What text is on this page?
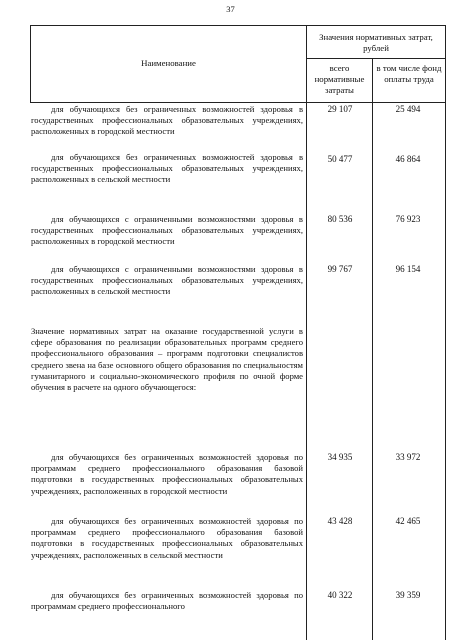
37
Наименование
Значения нормативных затрат, рублей
всего нормативные затраты
в том числе фонд оплаты труда
для обучающихся без ограниченных возможностей здоровья в государственных профессиональных образовательных учреждениях, расположенных в городской местности
29 107	25 494
для обучающихся без ограниченных возможностей здоровья в государственных профессиональных образовательных учреждениях, расположенных в сельской местности
50 477	46 864
для обучающихся с ограниченными возможностями здоровья в государственных профессиональных образовательных учреждениях, расположенных в городской местности
80 536	76 923
для обучающихся с ограниченными возможностями здоровья в государственных профессиональных образовательных учреждениях, расположенных в сельской местности
99 767	96 154
Значение нормативных затрат на оказание государственной услуги в сфере образования по реализации образовательных программ среднего профессионального образования – программ подготовки специалистов среднего звена на базе основного общего образования по специальностям гуманитарного и социально-экономического профиля по очной форме обучения в расчете на одного обучающегося:
для обучающихся без ограниченных возможностей здоровья по программам среднего профессионального образования базовой подготовки в государственных профессиональных образовательных учреждениях, расположенных в городской местности
34 935	33 972
для обучающихся без ограниченных возможностей здоровья по программам среднего профессионального образования базовой подготовки в государственных профессиональных образовательных учреждениях, расположенных в сельской местности
43 428	42 465
для обучающихся без ограниченных возможностей здоровья по программам среднего профессионального
40 322	39 359
